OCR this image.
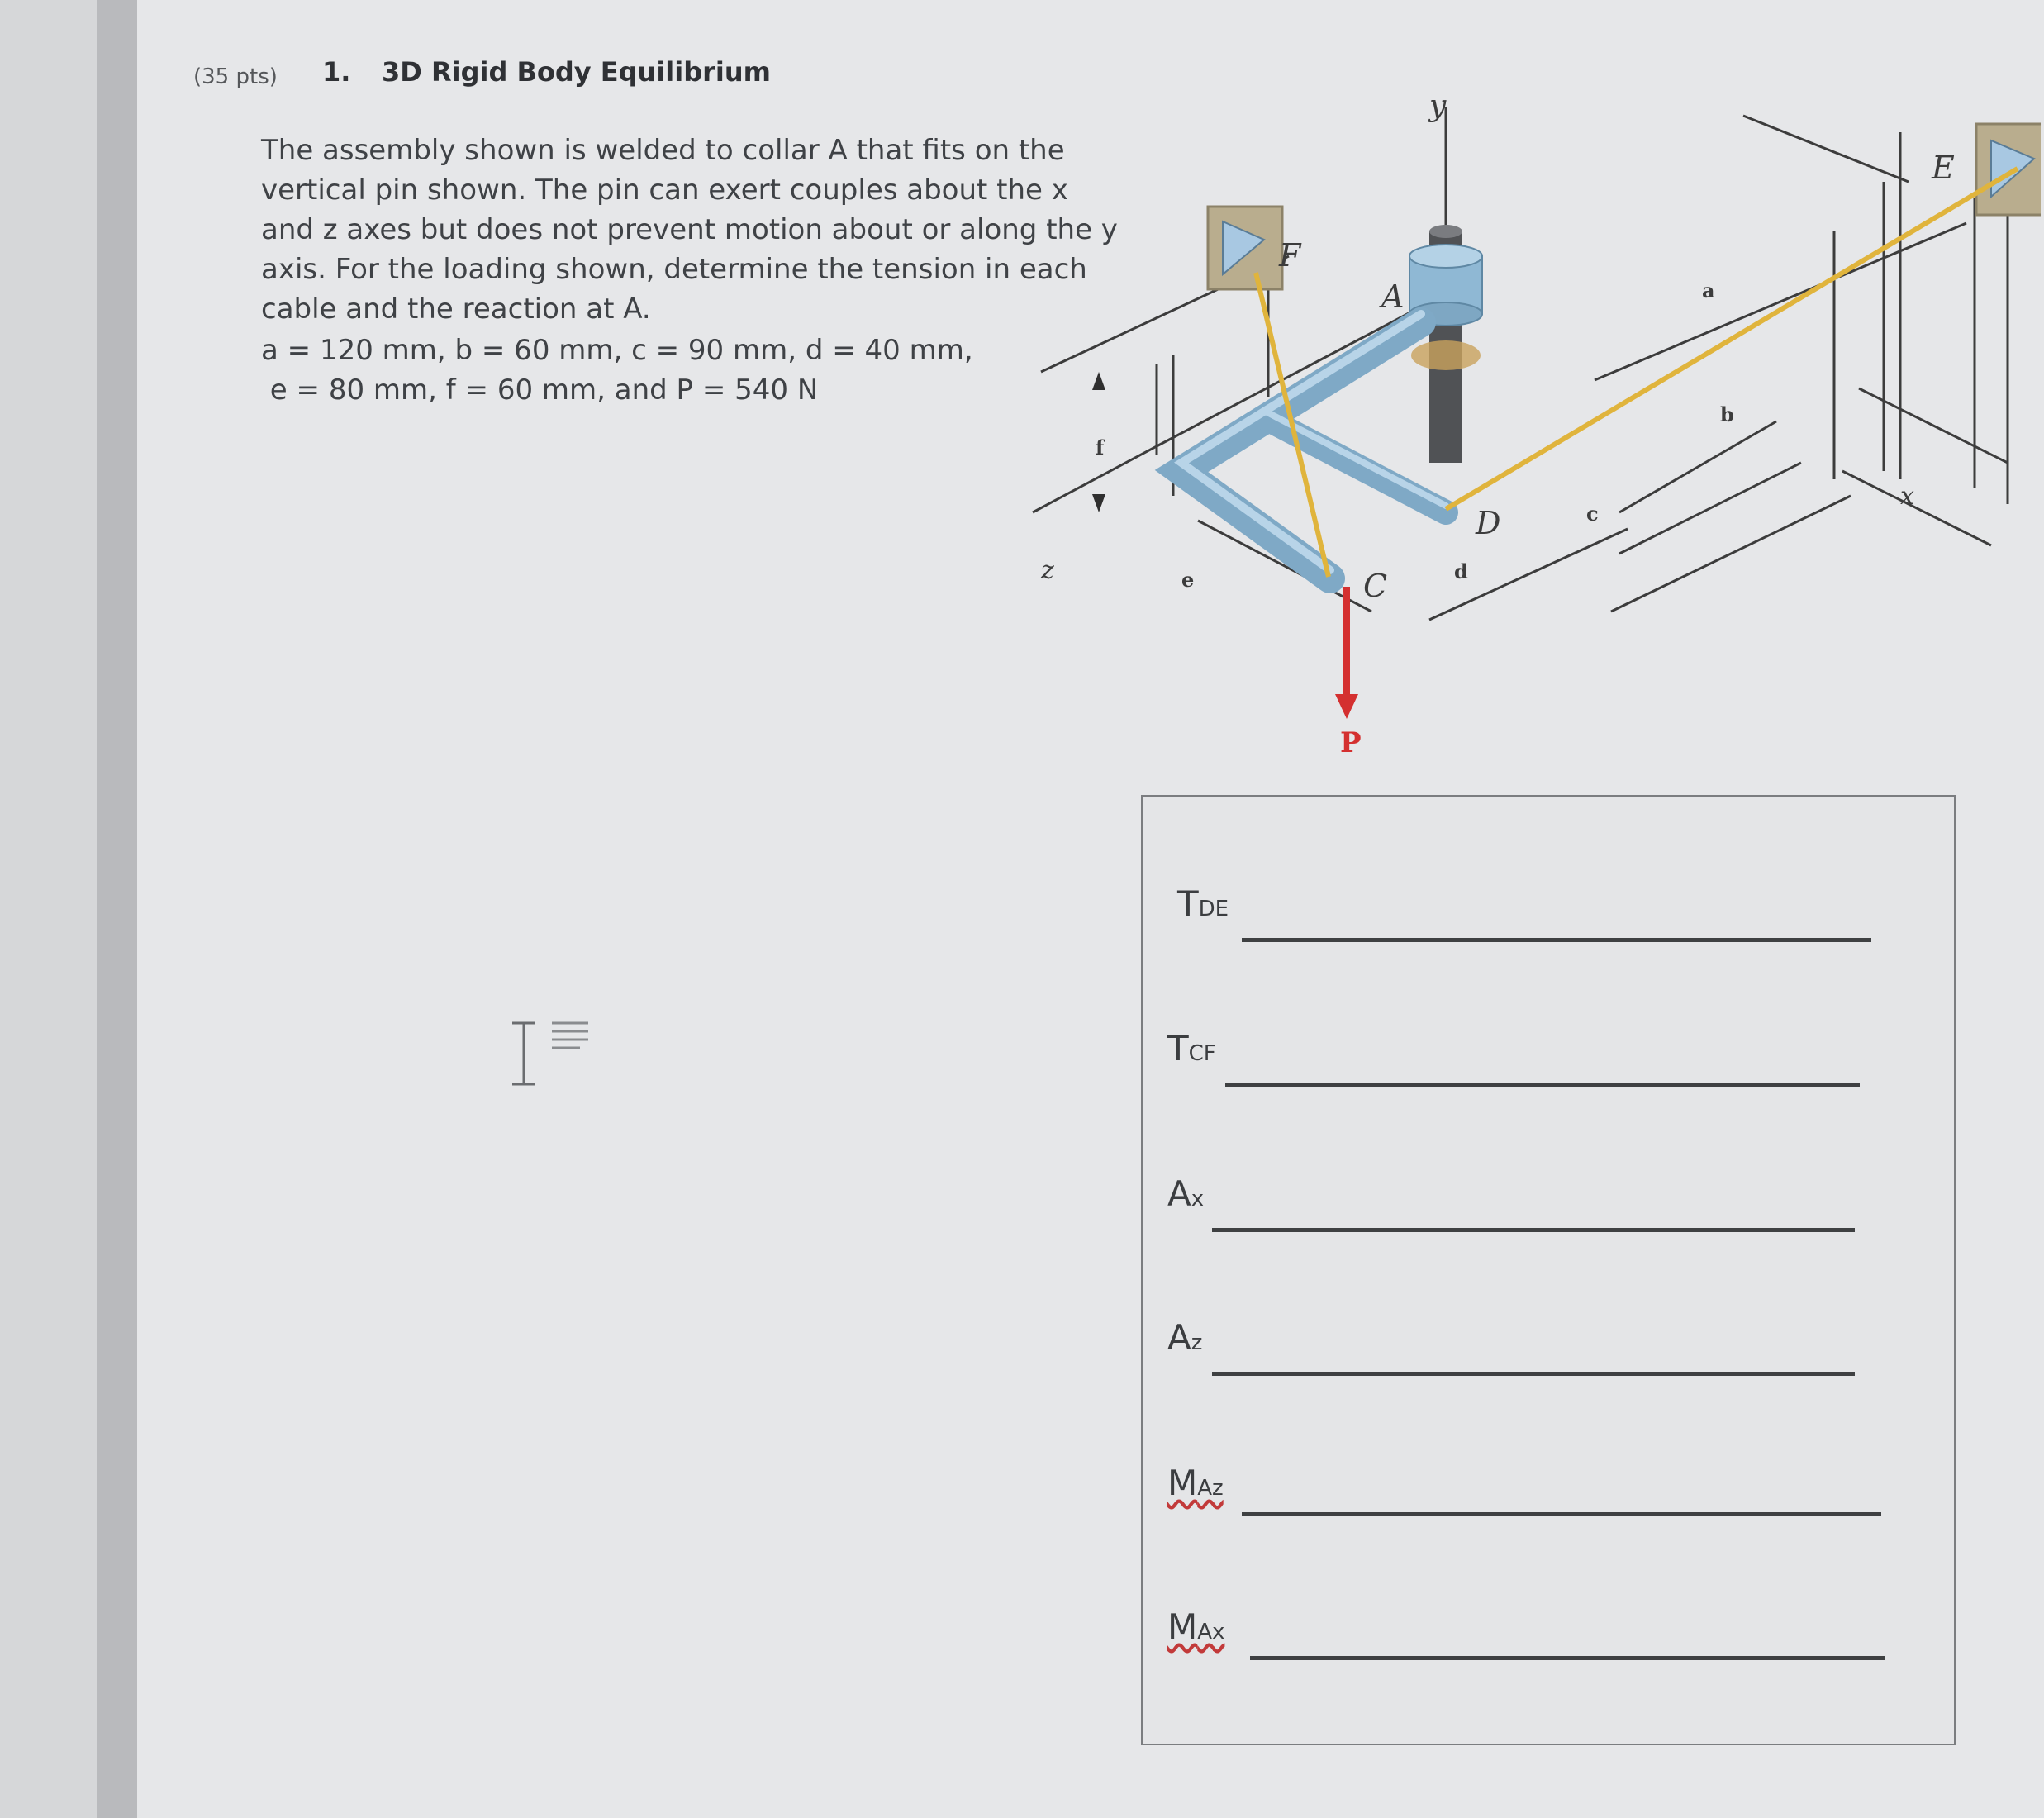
(35 pts) 1. 3D Rigid Body Equilibrium
The assembly shown is welded to collar A that fits on the
vertical pin shown. The pin can exert couples about the x
and z axes but does not prevent motion about or along the y
axis. For the loading shown, determine the tension in each
cable and the reaction at A.
a = 120 mm, b = 60 mm, c = 90 mm, d = 40 mm,
e = 80 mm, f = 60 mm, and P = 540 N
y
x
z
A
C
D
E
F
P
a
b
c
d
e
f
TDE
TCF
Ax
Az
MAz
MAx
